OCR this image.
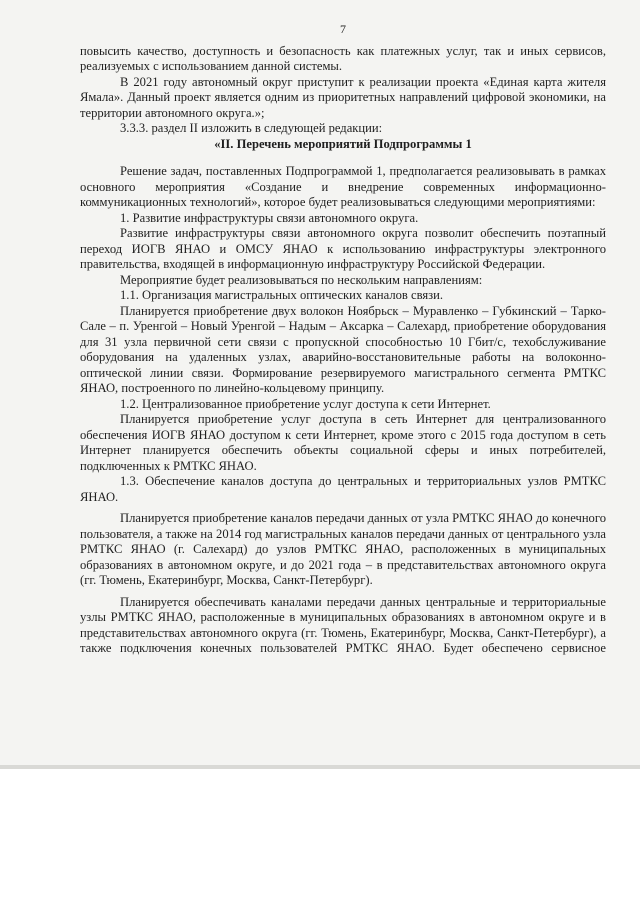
7

повысить качество, доступность и безопасность как платежных услуг, так и иных сервисов, реализуемых с использованием данной системы.

В 2021 году автономный округ приступит к реализации проекта «Единая карта жителя Ямала». Данный проект является одним из приоритетных направлений цифровой экономики, на территории автономного округа.»;

3.3.3. раздел II изложить в следующей редакции:

«II. Перечень мероприятий Подпрограммы 1

Решение задач, поставленных Подпрограммой 1, предполагается реализовывать в рамках основного мероприятия «Создание и внедрение современных информационно-коммуникационных технологий», которое будет реализовываться следующими мероприятиями:

1. Развитие инфраструктуры связи автономного округа.

Развитие инфраструктуры связи автономного округа позволит обеспечить поэтапный переход ИОГВ ЯНАО и ОМСУ ЯНАО к использованию инфраструктуры электронного правительства, входящей в информационную инфраструктуру Российской Федерации.

Мероприятие будет реализовываться по нескольким направлениям:

1.1. Организация магистральных оптических каналов связи.

Планируется приобретение двух волокон Ноябрьск – Муравленко – Губкинский – Тарко-Сале – п. Уренгой – Новый Уренгой – Надым – Аксарка – Салехард, приобретение оборудования для 31 узла первичной сети связи с пропускной способностью 10 Гбит/с, техобслуживание оборудования на удаленных узлах, аварийно-восстановительные работы на волоконно-оптической линии связи. Формирование резервируемого магистрального сегмента РМТКС ЯНАО, построенного по линейно-кольцевому принципу.

1.2. Централизованное приобретение услуг доступа к сети Интернет.

Планируется приобретение услуг доступа в сеть Интернет для централизованного обеспечения ИОГВ ЯНАО доступом к сети Интернет, кроме этого с 2015 года доступом в сеть Интернет планируется обеспечить объекты социальной сферы и иных потребителей, подключенных к РМТКС ЯНАО.

1.3. Обеспечение каналов доступа до центральных и территориальных узлов РМТКС ЯНАО.

Планируется приобретение каналов передачи данных от узла РМТКС ЯНАО до конечного пользователя, а также на 2014 год магистральных каналов передачи данных от центрального узла РМТКС ЯНАО (г. Салехард) до узлов РМТКС ЯНАО, расположенных в муниципальных образованиях в автономном округе, и до 2021 года – в представительствах автономного округа (гг. Тюмень, Екатеринбург, Москва, Санкт-Петербург).

Планируется обеспечивать каналами передачи данных центральные и территориальные узлы РМТКС ЯНАО, расположенные в муниципальных образованиях в автономном округе и в представительствах автономного округа (гг. Тюмень, Екатеринбург, Москва, Санкт-Петербург), а также подключения конечных пользователей РМТКС ЯНАО. Будет обеспечено сервисное
